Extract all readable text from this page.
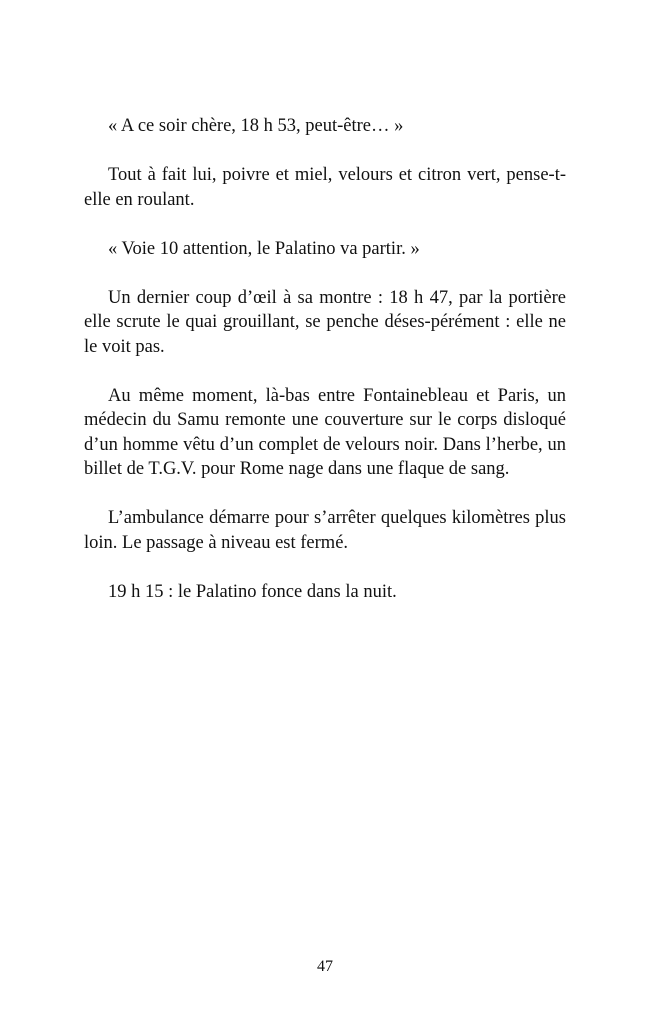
« A ce soir chère, 18 h 53, peut-être… »

Tout à fait lui, poivre et miel, velours et citron vert, pense-t-elle en roulant.

« Voie 10 attention, le Palatino va partir. »

Un dernier coup d’œil à sa montre : 18 h 47, par la portière elle scrute le quai grouillant, se penche déses-pérément : elle ne le voit pas.

Au même moment, là-bas entre Fontainebleau et Paris, un médecin du Samu remonte une couverture sur le corps disloqué d’un homme vêtu d’un complet de velours noir. Dans l’herbe, un billet de T.G.V. pour Rome nage dans une flaque de sang.

L’ambulance démarre pour s’arrêter quelques kilomètres plus loin. Le passage à niveau est fermé.

19 h 15 : le Palatino fonce dans la nuit.

47
